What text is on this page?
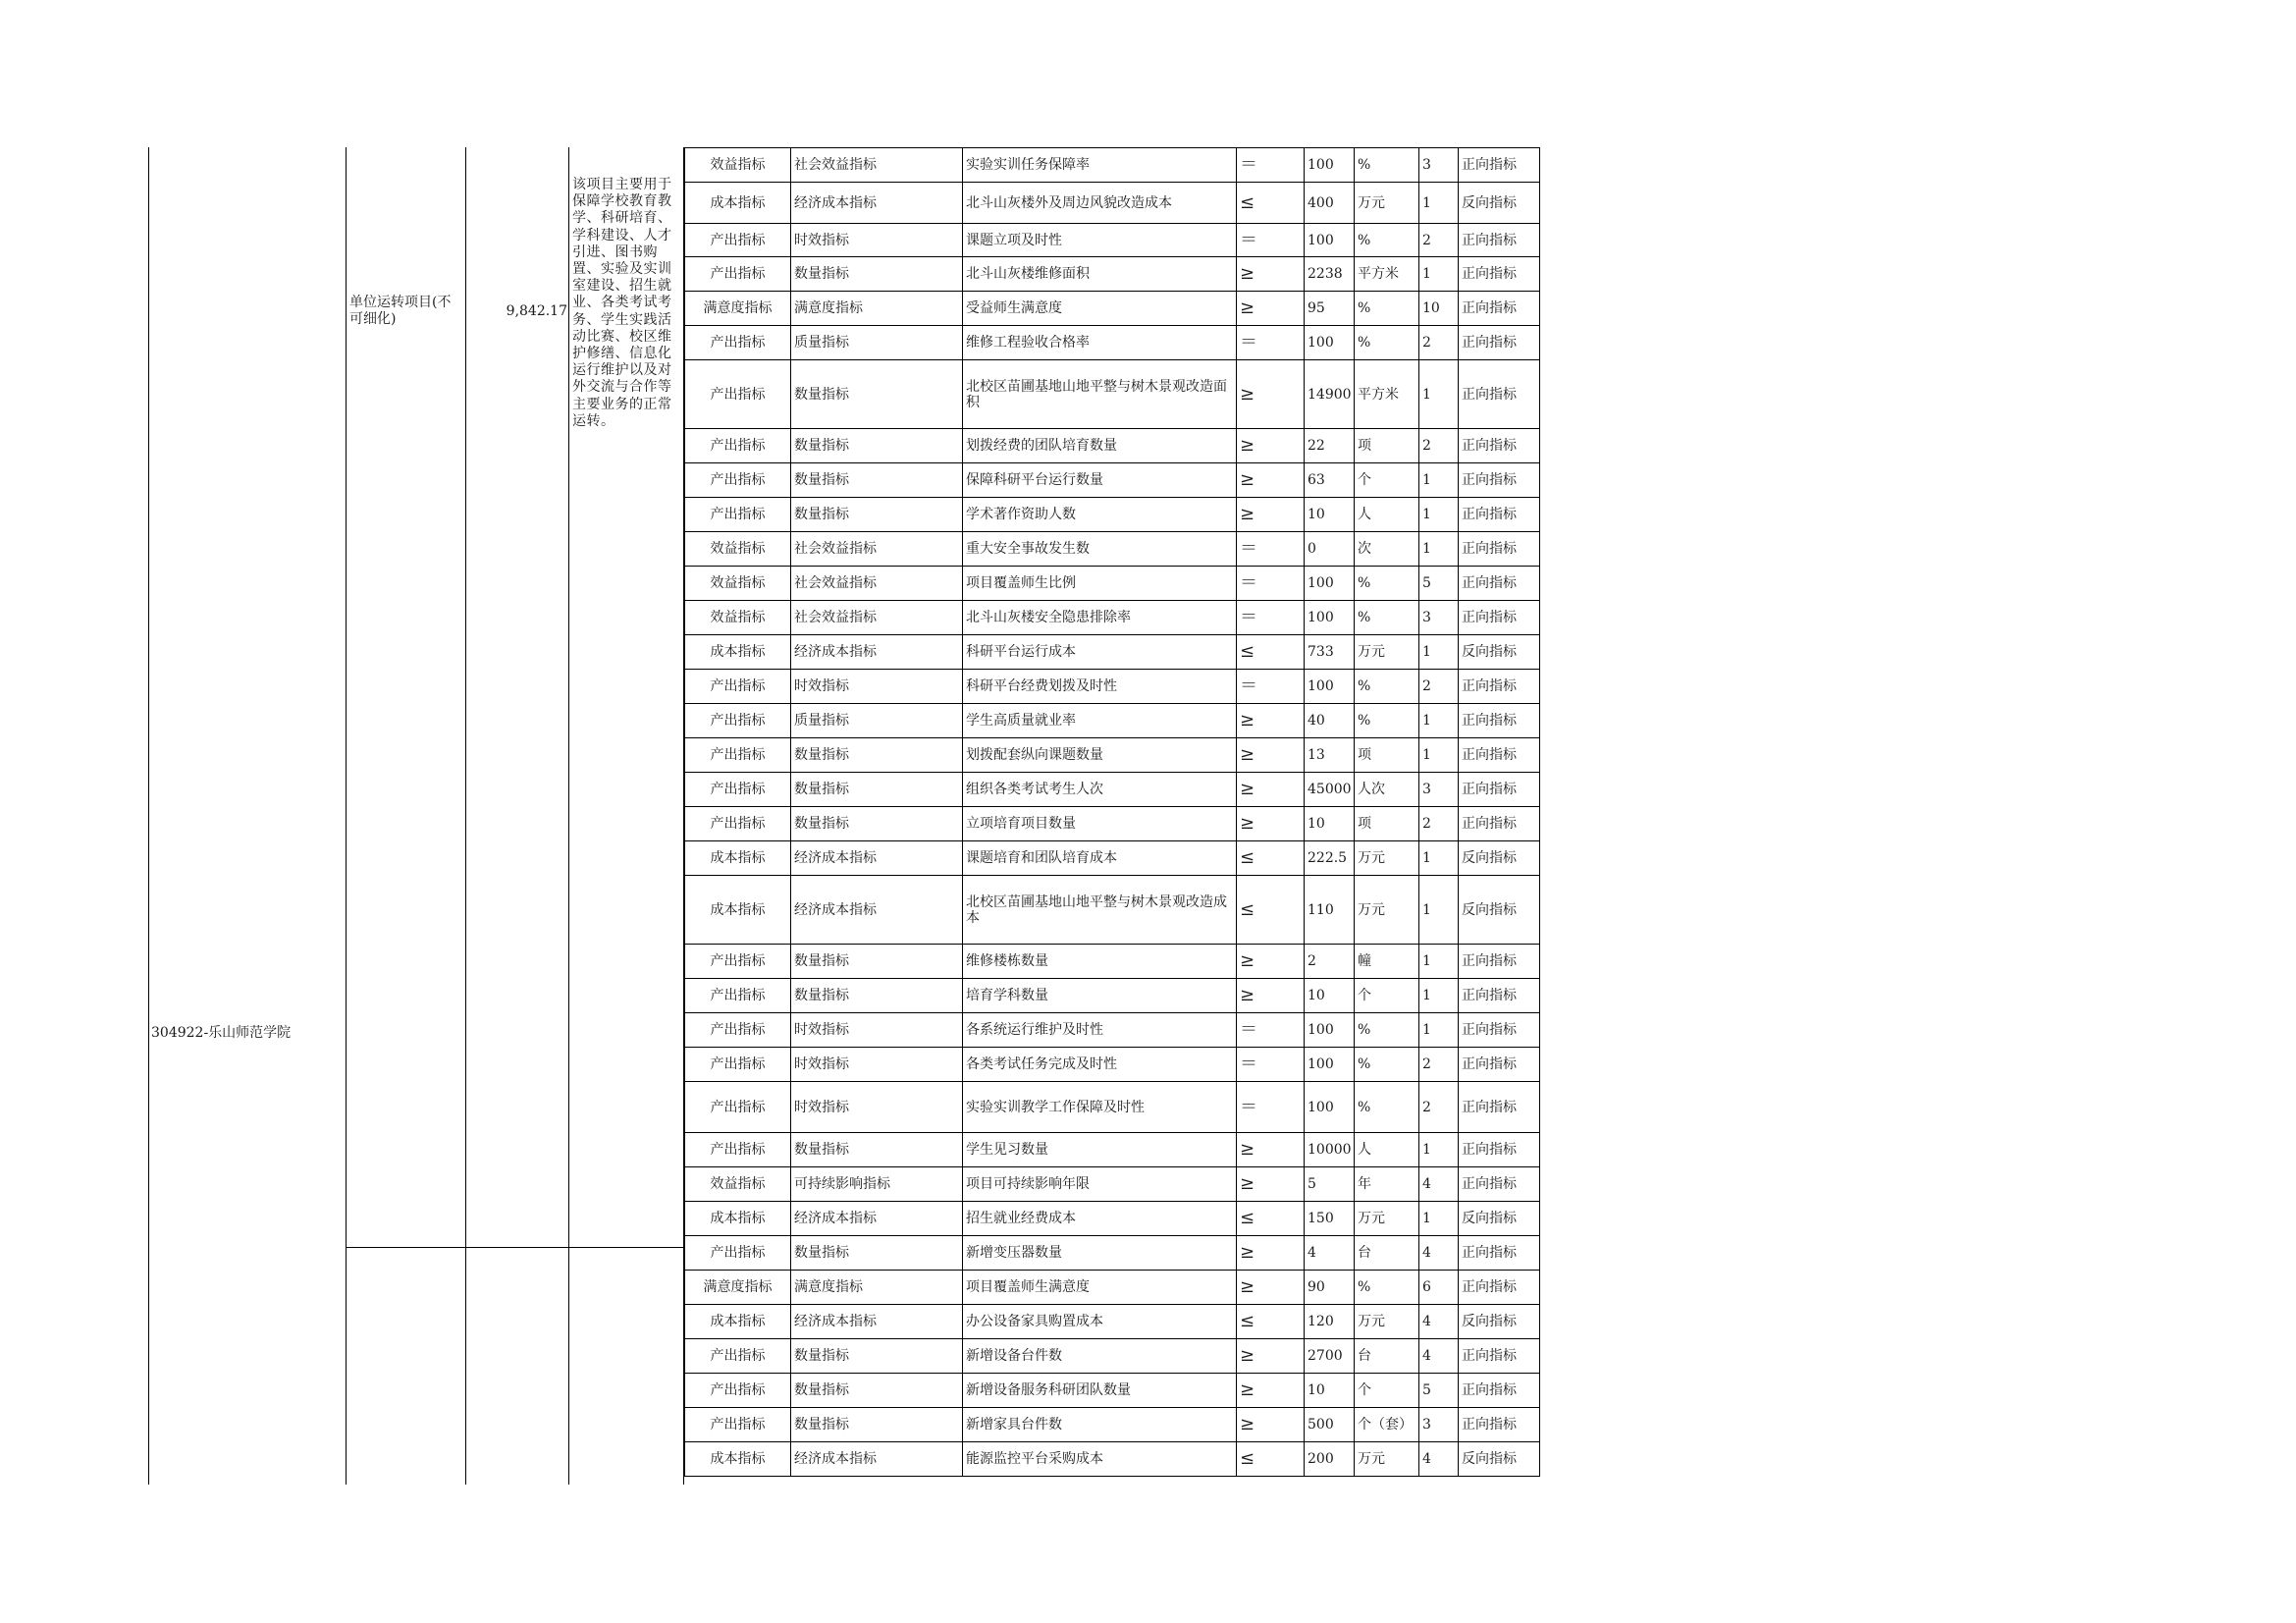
304922-乐山师范学院
单位运转项目(不可细化)	9,842.17
该项目主要用于保障学校教育教学、科研培育、学科建设、人才引进、图书购置、实验及实训室建设、招生就业、各类考试考务、学生实践活动比赛、校区维护修缮、信息化运行维护以及对外交流与合作等主要业务的正常运转。
效益指标	社会效益指标	实验实训任务保障率	＝	100	%	3	正向指标
成本指标	经济成本指标	北斗山灰楼外及周边风貌改造成本	≤	400	万元	1	反向指标
产出指标	时效指标	课题立项及时性	＝	100	%	2	正向指标
产出指标	数量指标	北斗山灰楼维修面积	≥	2238	平方米	1	正向指标
满意度指标	满意度指标	受益师生满意度	≥	95	%	10	正向指标
产出指标	质量指标	维修工程验收合格率	＝	100	%	2	正向指标
产出指标	数量指标	北校区苗圃基地山地平整与树木景观改造面积	≥	14900	平方米	1	正向指标
产出指标	数量指标	划拨经费的团队培育数量	≥	22	项	2	正向指标
产出指标	数量指标	保障科研平台运行数量	≥	63	个	1	正向指标
产出指标	数量指标	学术著作资助人数	≥	10	人	1	正向指标
效益指标	社会效益指标	重大安全事故发生数	＝	0	次	1	正向指标
效益指标	社会效益指标	项目覆盖师生比例	＝	100	%	5	正向指标
效益指标	社会效益指标	北斗山灰楼安全隐患排除率	＝	100	%	3	正向指标
成本指标	经济成本指标	科研平台运行成本	≤	733	万元	1	反向指标
产出指标	时效指标	科研平台经费划拨及时性	＝	100	%	2	正向指标
产出指标	质量指标	学生高质量就业率	≥	40	%	1	正向指标
产出指标	数量指标	划拨配套纵向课题数量	≥	13	项	1	正向指标
产出指标	数量指标	组织各类考试考生人次	≥	45000	人次	3	正向指标
产出指标	数量指标	立项培育项目数量	≥	10	项	2	正向指标
成本指标	经济成本指标	课题培育和团队培育成本	≤	222.5	万元	1	反向指标
成本指标	经济成本指标	北校区苗圃基地山地平整与树木景观改造成本	≤	110	万元	1	反向指标
产出指标	数量指标	维修楼栋数量	≥	2	幢	1	正向指标
产出指标	数量指标	培育学科数量	≥	10	个	1	正向指标
产出指标	时效指标	各系统运行维护及时性	＝	100	%	1	正向指标
产出指标	时效指标	各类考试任务完成及时性	＝	100	%	2	正向指标
产出指标	时效指标	实验实训教学工作保障及时性	＝	100	%	2	正向指标
产出指标	数量指标	学生见习数量	≥	10000	人	1	正向指标
效益指标	可持续影响指标	项目可持续影响年限	≥	5	年	4	正向指标
成本指标	经济成本指标	招生就业经费成本	≤	150	万元	1	反向指标
产出指标	数量指标	新增变压器数量	≥	4	台	4	正向指标
满意度指标	满意度指标	项目覆盖师生满意度	≥	90	%	6	正向指标
成本指标	经济成本指标	办公设备家具购置成本	≤	120	万元	4	反向指标
产出指标	数量指标	新增设备台件数	≥	2700	台	4	正向指标
产出指标	数量指标	新增设备服务科研团队数量	≥	10	个	5	正向指标
产出指标	数量指标	新增家具台件数	≥	500	个（套）	3	正向指标
成本指标	经济成本指标	能源监控平台采购成本	≤	200	万元	4	反向指标
